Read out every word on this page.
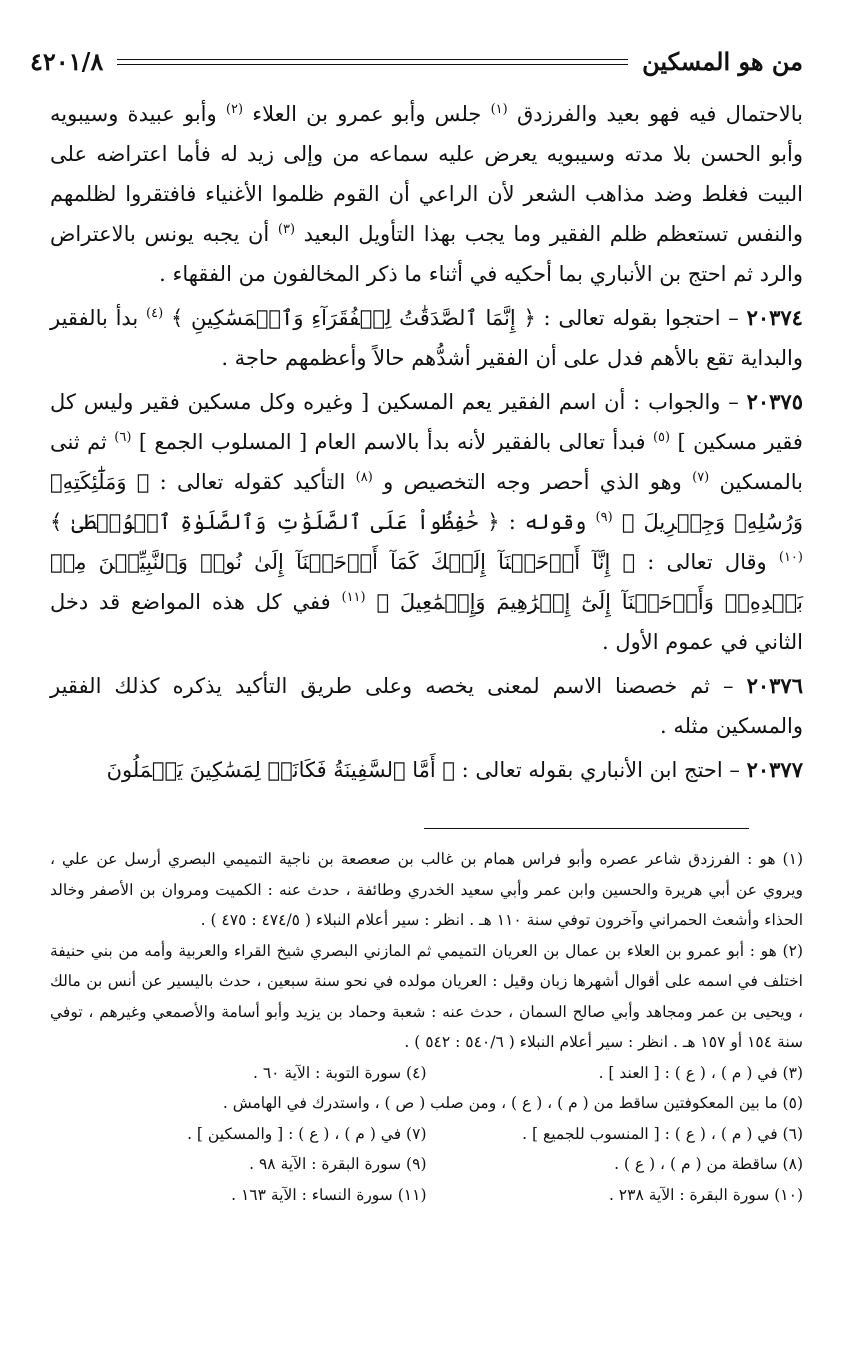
من هو المسكين
٤٢٠١/٨

بالاحتمال فيه فهو بعيد والفرزدق $^{(١)}$ جلس وأبو عمرو بن العلاء $^{(٢)}$ وأبو عبيدة وسيبويه وأبو الحسن بلا مدته وسيبويه يعرض عليه سماعه من وإلى زيد له فأما اعتراضه على البيت فغلط وضد مذاهب الشعر لأن الراعي أن القوم ظلموا الأغنياء فافتقروا لظلمهم والنفس تستعظم ظلم الفقير وما يجب بهذا التأويل البعيد $^{(٣)}$ أن يجبه يونس بالاعتراض والرد ثم احتج بن الأنباري بما أحكيه في أثناء ما ذكر المخالفون من الفقهاء .

٢٠٣٧٤ – احتجوا بقوله تعالى : ﴿ إِنَّمَا ٱلصَّدَقَٰتُ لِلۡفُقَرَآءِ وَٱلۡمَسَٰكِينِ ﴾ $^{(٤)}$ بدأ بالفقير والبداية تقع بالأهم فدل على أن الفقير أشدُّهم حالاً وأعظمهم حاجة .

٢٠٣٧٥ – والجواب : أن اسم الفقير يعم المسكين [ وغيره وكل مسكين فقير وليس كل فقير مسكين ] $^{(٥)}$ فبدأ تعالى بالفقير لأنه بدأ بالاسم العام [ المسلوب الجمع ] $^{(٦)}$ ثم ثنى بالمسكين $^{(٧)}$ وهو الذي أحصر وجه التخصيص و $^{(٨)}$ التأكيد كقوله تعالى : ﴿ وَمَلَٰٓئِكَتِهِۦ وَرُسُلِهِۦ وَجِبۡرِيلَ ﴾ $^{(٩)}$ وقوله : ﴿ حَٰفِظُواْ عَلَى ٱلصَّلَوَٰتِ وَٱلصَّلَوٰةِ ٱلۡوُسۡطَىٰ ﴾ $^{(١٠)}$ وقال تعالى : ﴿ إِنَّآ أَوۡحَيۡنَآ إِلَيۡكَ كَمَآ أَوۡحَيۡنَآ إِلَىٰ نُوحٖ وَٱلنَّبِيِّـۧنَ مِنۢ بَعۡدِهِۦۚ وَأَوۡحَيۡنَآ إِلَىٰٓ إِبۡرَٰهِيمَ وَإِسۡمَٰعِيلَ ﴾ $^{(١١)}$ ففي كل هذه المواضع قد دخل الثاني في عموم الأول .

٢٠٣٧٦ – ثم خصصنا الاسم لمعنى يخصه وعلى طريق التأكيد يذكره كذلك الفقير والمسكين مثله .

٢٠٣٧٧ – احتج ابن الأنباري بقوله تعالى : ﴿ أَمَّا ٱلسَّفِينَةُ فَكَانَتۡ لِمَسَٰكِينَ يَعۡمَلُونَ

(١) هو : الفرزدق شاعر عصره وأبو فراس همام بن غالب بن صعصعة بن ناجية التميمي البصري أرسل عن علي ، ويروي عن أبي هريرة والحسين وابن عمر وأبي سعيد الخدري وطائفة ، حدث عنه : الكميت ومروان بن الأصفر وخالد الحذاء وأشعث الحمراني وآخرون توفي سنة ١١٠ هـ . انظر : سير أعلام النبلاء ( ٤٧٤/٥ : ٤٧٥ ) .

(٢) هو : أبو عمرو بن العلاء بن عمال بن العريان التميمي ثم المازني البصري شيخ القراء والعربية وأمه من بني حنيفة اختلف في اسمه على أقوال أشهرها زبان وقيل : العريان مولده في نحو سنة سبعين ، حدث باليسير عن أنس بن مالك ، ويحيى بن عمر ومجاهد وأبي صالح السمان ، حدث عنه : شعبة وحماد بن يزيد وأبو أسامة والأصمعي وغيرهم ، توفي سنة ١٥٤ أو ١٥٧ هـ . انظر : سير أعلام النبلاء ( ٥٤٠/٦ : ٥٤٢ ) .

(٣) في ( م ) ، ( ع ) : [ العند ] .
(٤) سورة التوبة : الآية ٦٠ .

(٥) ما بين المعكوفتين ساقط من ( م ) ، ( ع ) ، ومن صلب ( ص ) ، واستدرك في الهامش .

(٦) في ( م ) ، ( ع ) : [ المنسوب للجميع ] .
(٧) في ( م ) ، ( ع ) : [ والمسكين ] .
(٨) ساقطة من ( م ) ، ( ع ) .
(٩) سورة البقرة : الآية ٩٨ .
(١٠) سورة البقرة : الآية ٢٣٨ .
(١١) سورة النساء : الآية ١٦٣ .
